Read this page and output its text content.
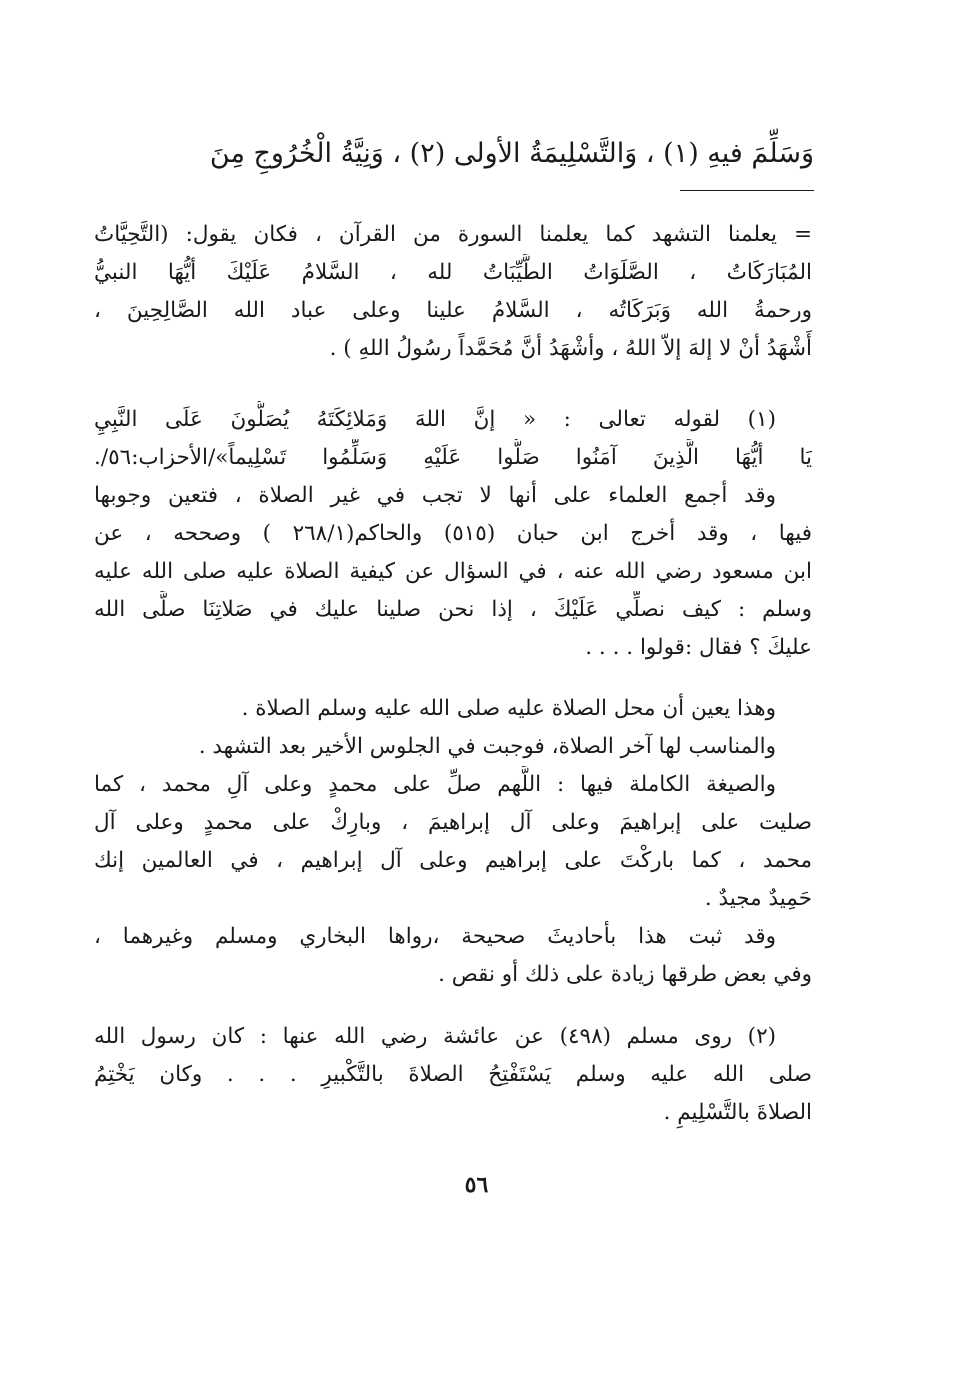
وَسَلِّمَ فيهِ (١) ، وَالتَّسْلِيمَةُ الأولى (٢) ، وَنِيَّةُ الْخُرُوجِ مِنَ
= يعلمنا التشهد كما يعلمنا السورة من القرآن ، فكان يقول: (التَّحِيَّاتُ
المُبَارَكَاتُ ، الصَّلَوَاتُ الطَّيِّبَاتُ لله ، السَّلامُ عَلَيْكَ أيُّهَا النبيُّ
ورحمةُ الله وَبَرَكَاتُه ، السَّلامُ علينا وعلى عباد الله الصَّالِحِينَ ،
أَشْهَدُ أنْ لا إلهَ إلاّ اللهُ ، وأشْهَدُ أنَّ مُحَمَّداً رسُولُ اللهِ ) .
(١) لقوله تعالى : « إنَّ اللهَ وَمَلائِكَتَهُ يُصَلُّونَ عَلَى النَّبِيِ
يَا أيُّهَا الَّذِينَ آمَنُوا صَلُّوا عَلَيْهِ وَسَلِّمُوا تَسْلِيماً»/الأحزاب:٥٦/.
وقد أجمع العلماء على أنها لا تجب في غير الصلاة ، فتعين وجوبها
فيها ، وقد أخرج ابن حبان (٥١٥) والحاكم(٢٦٨/١ ) وصححه ، عن
ابن مسعود رضي الله عنه ، في السؤال عن كيفية الصلاة عليه صلى الله عليه
وسلم : كيف نصلِّي عَلَيْكَ ، إذا نحن صلينا عليك في صَلاتِنَا صلَّى الله
عليكَ ؟ فقال :قولوا . . . .
وهذا يعين أن محل الصلاة عليه صلى الله عليه وسلم الصلاة .
والمناسب لها آخر الصلاة، فوجبت في الجلوس الأخير بعد التشهد .
والصيغة الكاملة فيها : اللَّهم صلِّ على محمدٍ وعلى آلِ محمد ، كما
صليت على إبراهيمَ وعلى آل إبراهيمَ ، وبارِكْ على محمدٍ وعلى آل
محمد ، كما باركْتَ على إبراهيم وعلى آل إبراهيم ، في العالمين إنك
حَمِيدٌ مجيدٌ .
وقد ثبت هذا بأحاديثَ صحيحة ،رواها البخاري ومسلم وغيرهما ،
وفي بعض طرقها زيادة على ذلك أو نقص .
(٢) روى مسلم (٤٩٨) عن عائشة رضي الله عنها : كان رسول الله
صلى الله عليه وسلم يَسْتَفْتِحُ الصلاةَ بالتَّكْبيرِ . . . وكان يَخْتِمُ
الصلاةَ بالتَّسْلِيمِ .
٥٦
